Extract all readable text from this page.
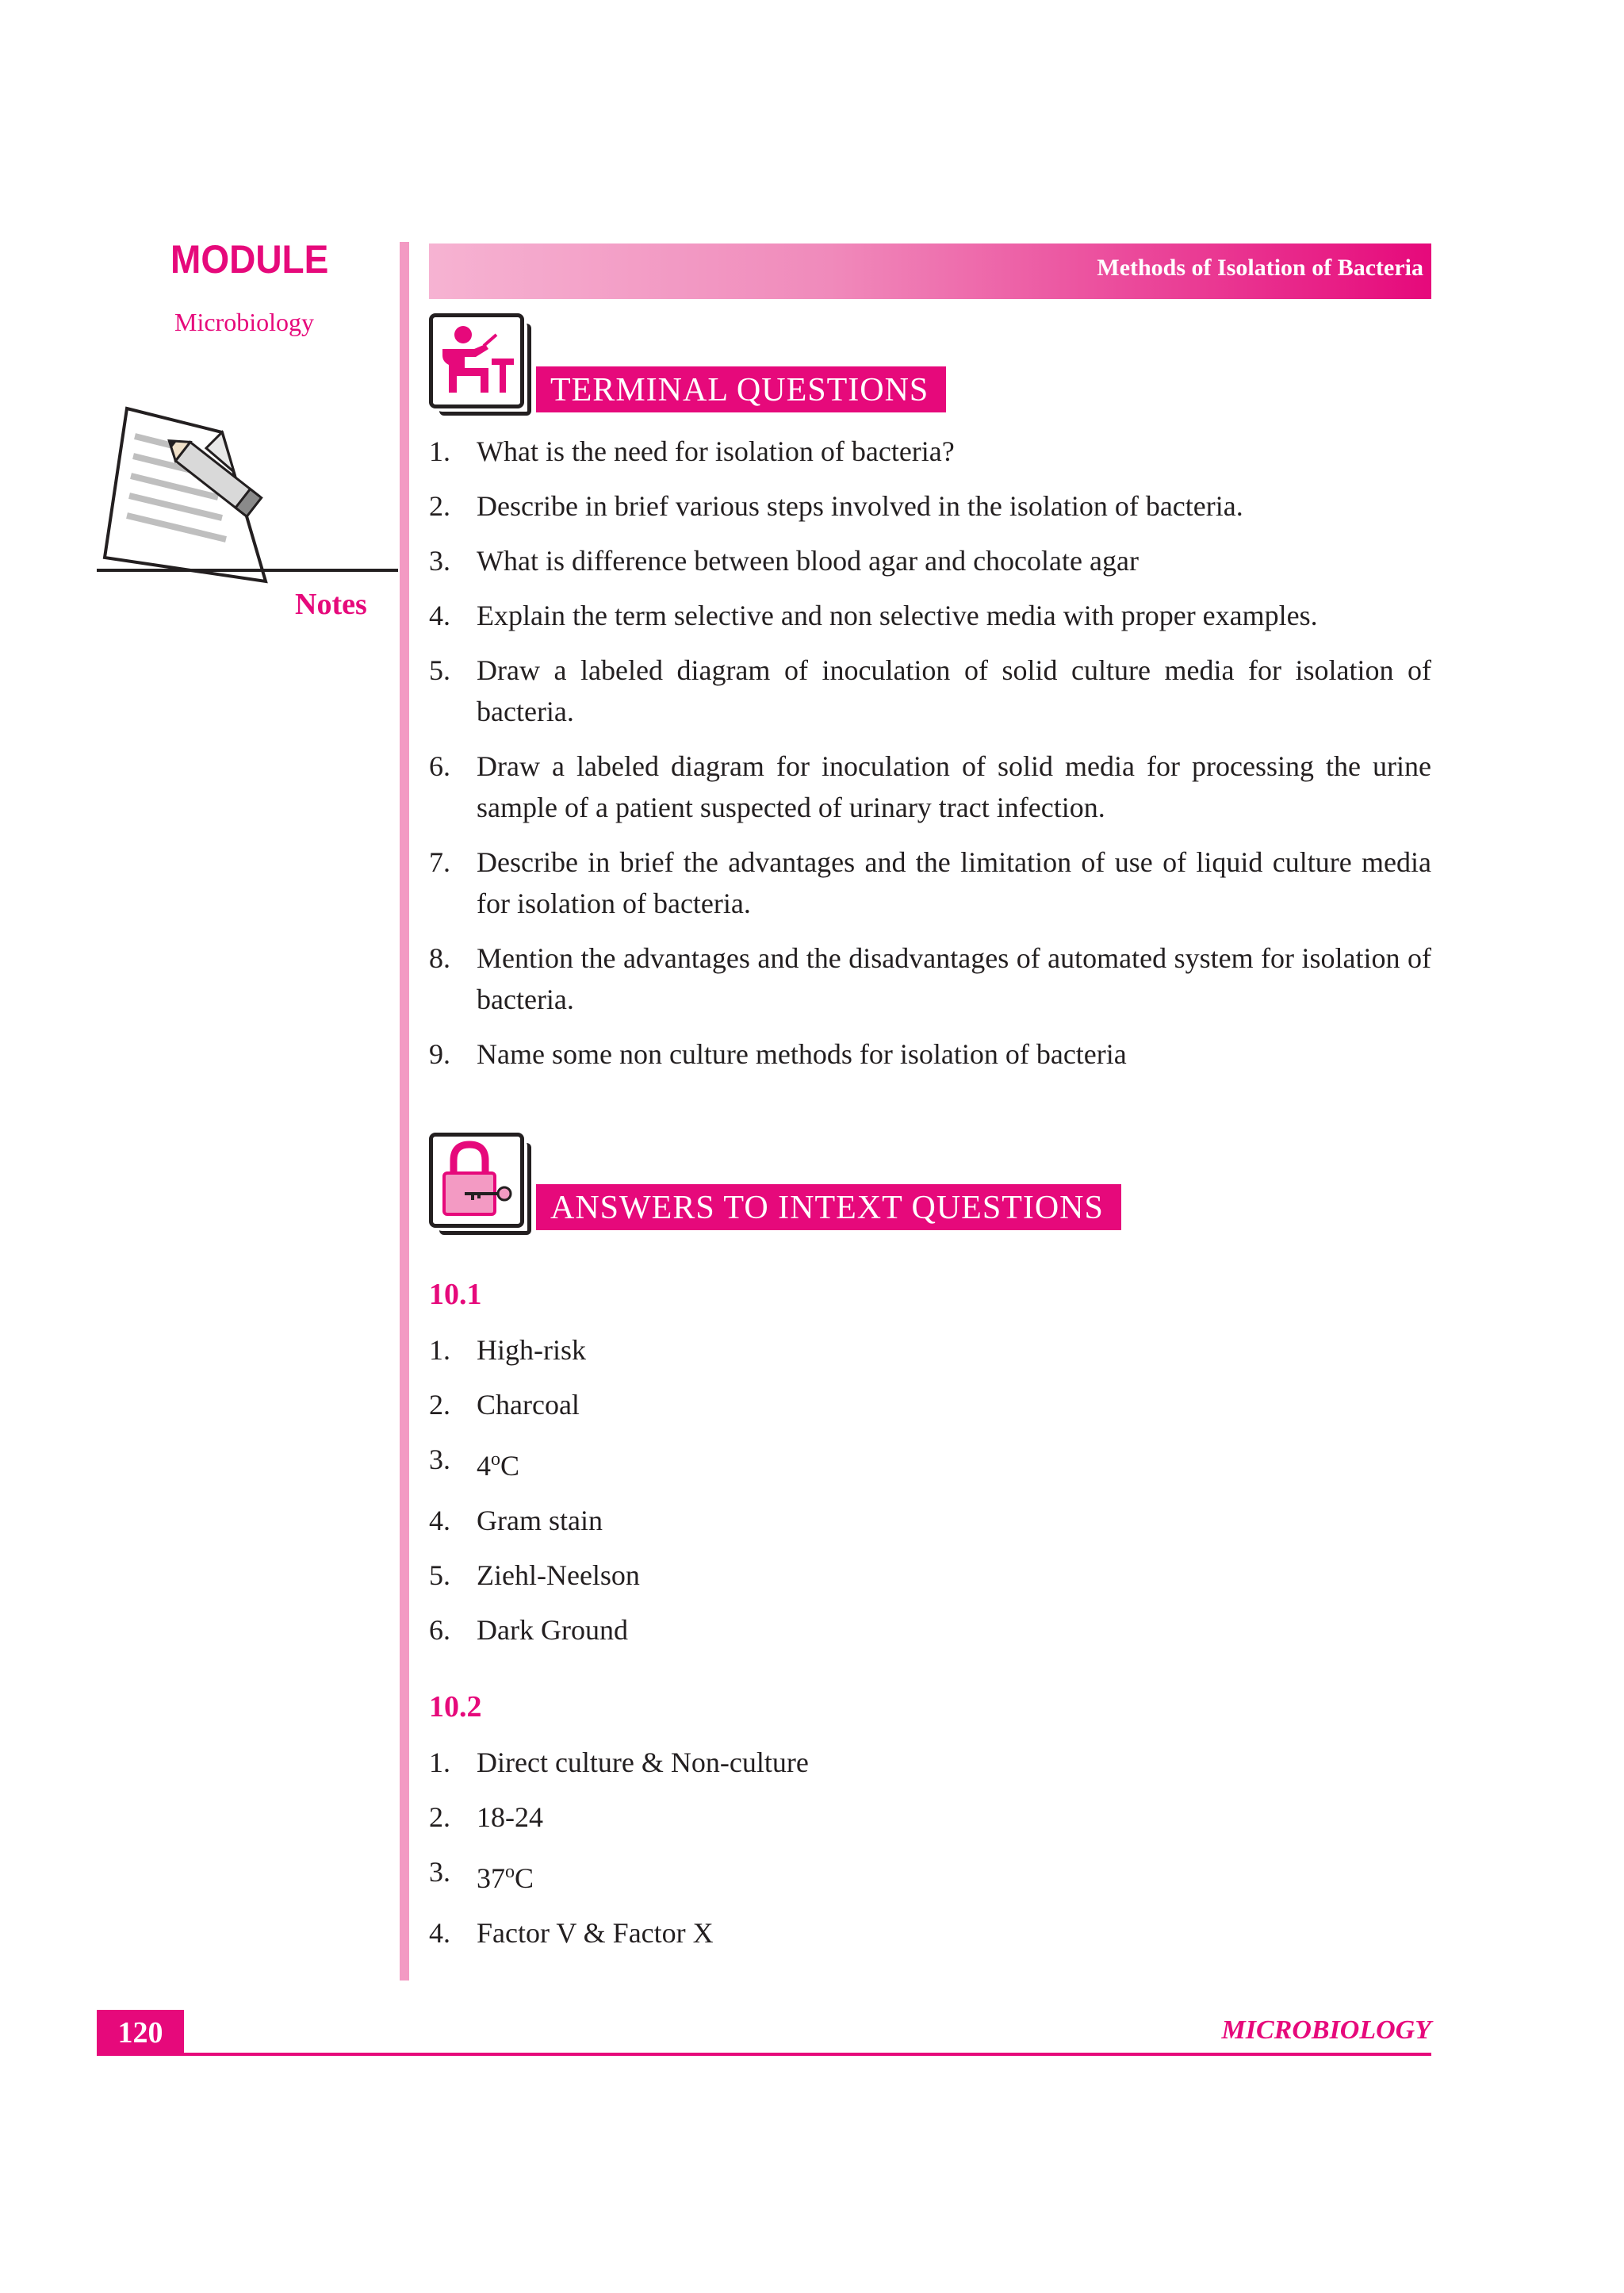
MODULE
Microbiology
Notes
Methods of Isolation of Bacteria
TERMINAL QUESTIONS
1. What is the need for isolation of bacteria?
2. Describe in brief various steps involved in the isolation of bacteria.
3. What is difference between blood agar and chocolate agar
4. Explain the term selective and non selective media with proper examples.
5. Draw a labeled diagram of inoculation of solid culture media for isolation of bacteria.
6. Draw a labeled diagram for inoculation of solid media for processing the urine sample of a patient suspected of urinary tract infection.
7. Describe in brief the advantages and the limitation of use of liquid culture media for isolation of bacteria.
8. Mention the advantages and the disadvantages of automated system for isolation of bacteria.
9. Name some non culture methods for isolation of bacteria
ANSWERS TO INTEXT QUESTIONS
10.1
1. High-risk
2. Charcoal
3. 4$^o$C
4. Gram stain
5. Ziehl-Neelson
6. Dark Ground
10.2
1. Direct culture & Non-culture
2. 18-24
3. 37$^o$C
4. Factor V & Factor X
120	MICROBIOLOGY
